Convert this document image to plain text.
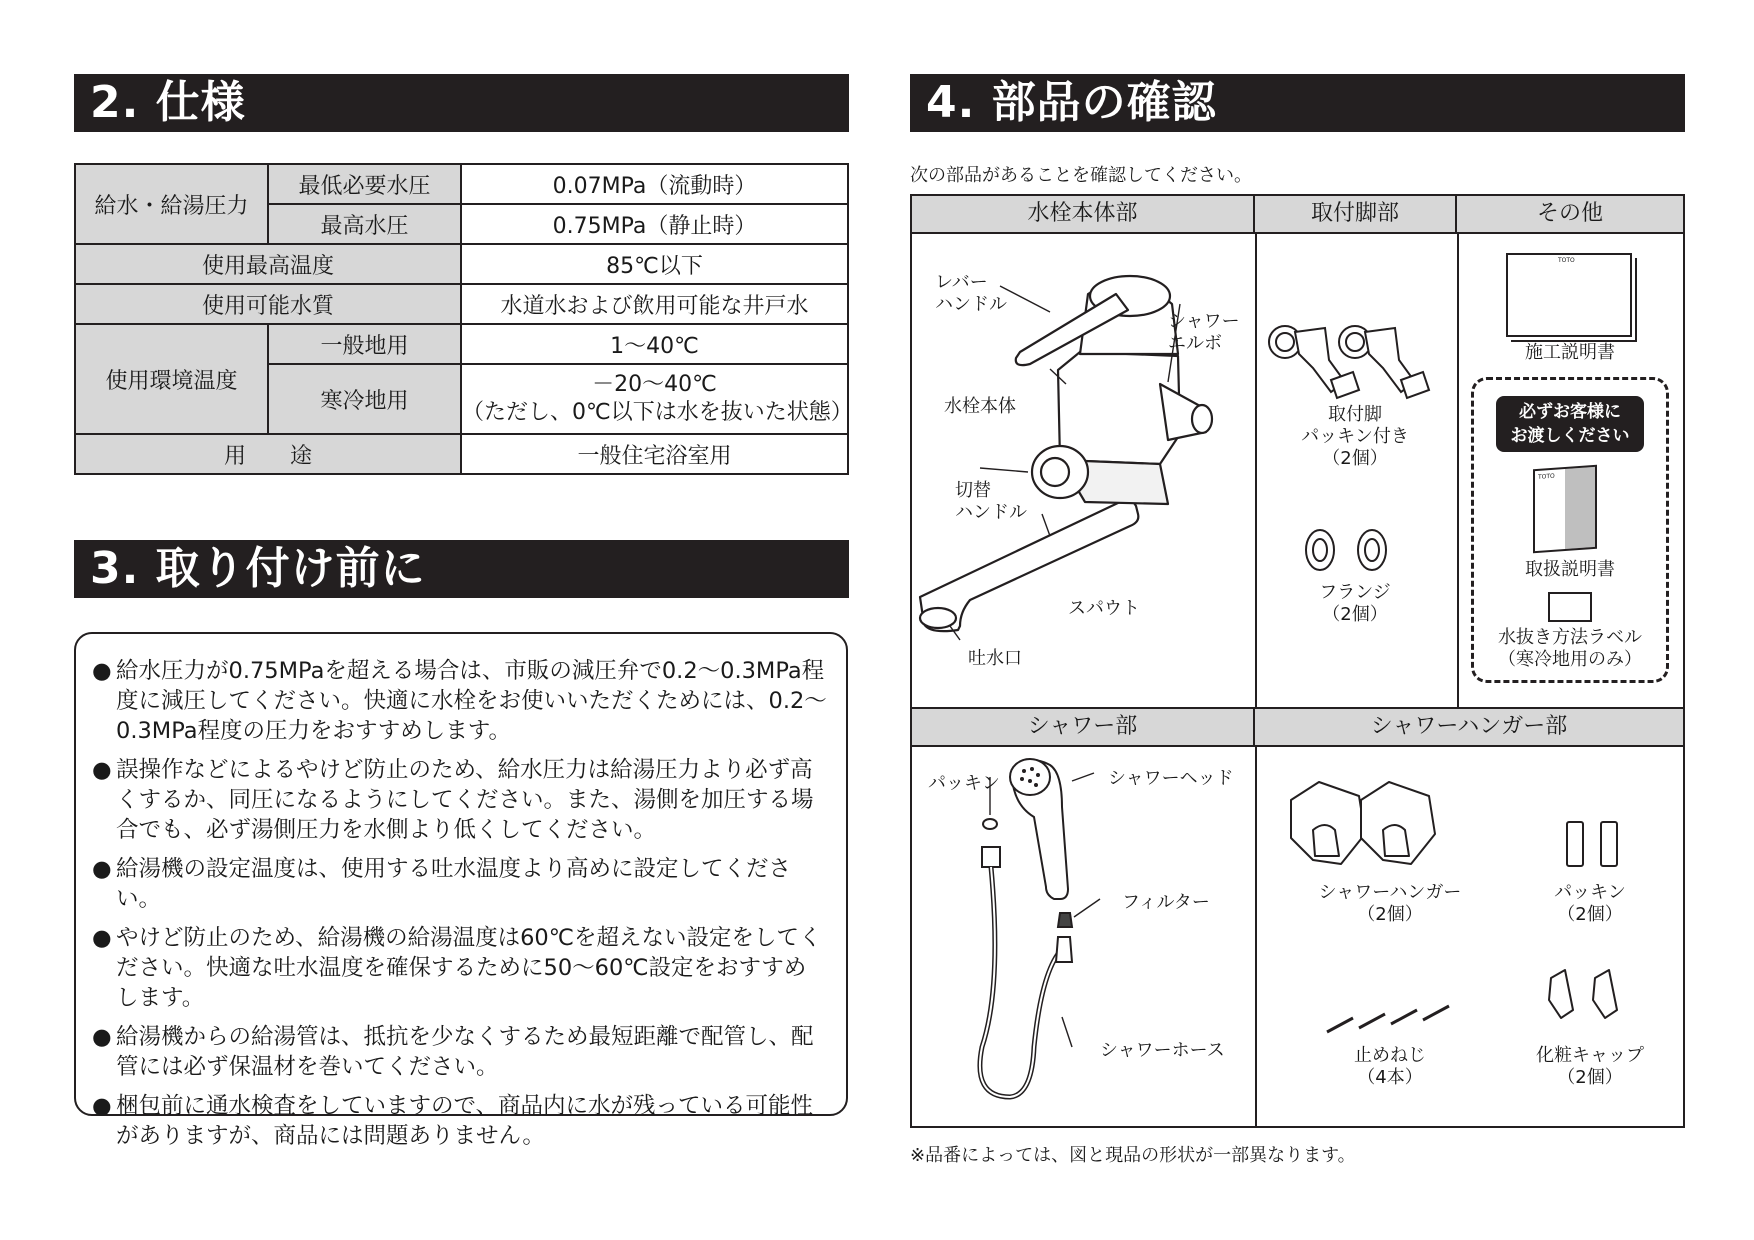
2. 仕様
給水・給湯圧力	最低必要水圧	0.07MPa（流動時）
	最高水圧	0.75MPa（静止時）
使用最高温度		85℃以下
使用可能水質		水道水および飲用可能な井戸水
使用環境温度	一般地用	1～40℃
	寒冷地用	－20～40℃
（ただし、0℃以下は水を抜いた状態）

用　　途		一般住宅浴室用
3. 取り付け前に
● 給水圧力が0.75MPaを超える場合は、市販の減圧弁で0.2～0.3MPa程度に減圧してください。快適に水栓をお使いいただくためには、0.2～0.3MPa程度の圧力をおすすめします。
● 誤操作などによるやけど防止のため、給水圧力は給湯圧力より必ず高くするか、同圧になるようにしてください。また、湯側を加圧する場合でも、必ず湯側圧力を水側より低くしてください。
● 給湯機の設定温度は、使用する吐水温度より高めに設定してください。
● やけど防止のため、給湯機の給湯温度は60℃を超えない設定をしてください。快適な吐水温度を確保するために50～60℃設定をおすすめします。
● 給湯機からの給湯管は、抵抗を少なくするため最短距離で配管し、配管には必ず保温材を巻いてください。
● 梱包前に通水検査をしていますので、商品内に水が残っている可能性がありますが、商品には問題ありません。
4. 部品の確認
次の部品があることを確認してください。
水栓本体部	取付脚部	その他
シャワー部	シャワーハンガー部
レバー
ハンドル
シャワー
エルボ
水栓本体
切替
ハンドル
スパウト
吐水口
取付脚
パッキン付き
（2個）
フランジ
（2個）
TOTO
施工説明書
必ずお客様に
お渡しください
TOTO
取扱説明書
水抜き方法ラベル
（寒冷地用のみ）
パッキン	シャワーヘッド
フィルター
シャワーホース
シャワーハンガー
（2個）
パッキン
（2個）
止めねじ
（4本）
化粧キャップ
（2個）
※品番によっては、図と現品の形状が一部異なります。
